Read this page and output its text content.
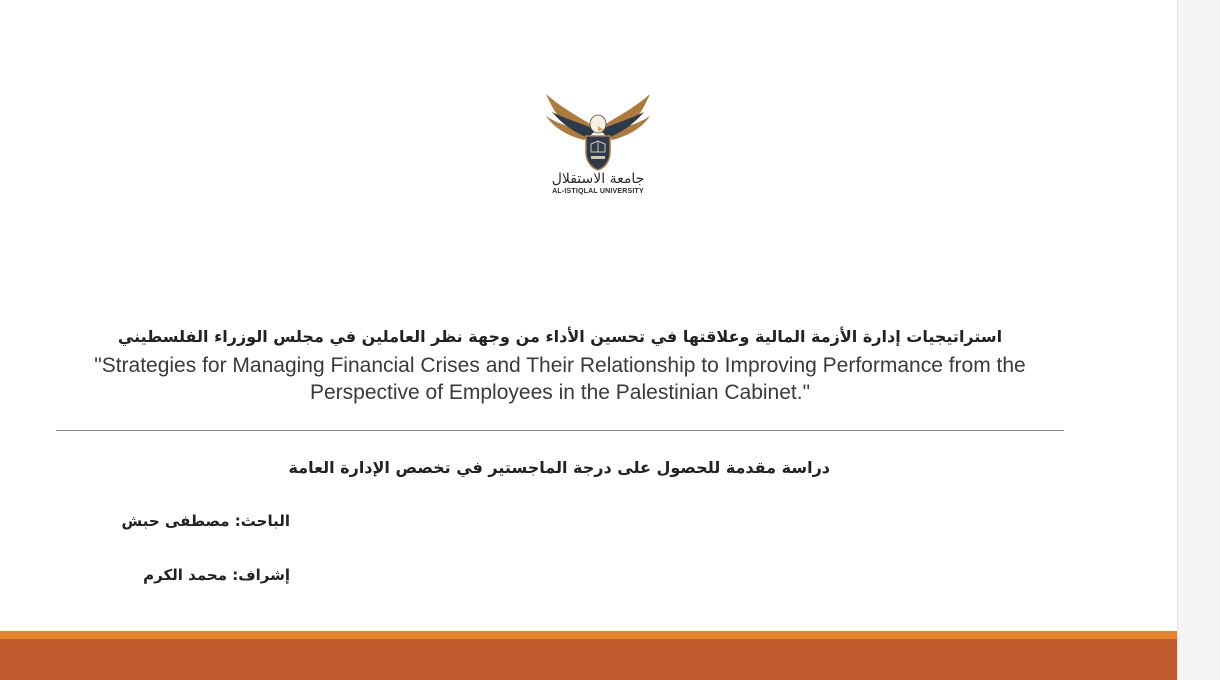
جامعة الاستقلال
AL-ISTIQLAL UNIVERSITY
استراتيجيات إدارة الأزمة المالية وعلاقتها في تحسين الأداء من وجهة نظر العاملين في مجلس الوزراء الفلسطيني
"Strategies for Managing Financial Crises and Their Relationship to Improving Performance from the Perspective of Employees in the Palestinian Cabinet."
دراسة مقدمة للحصول على درجة الماجستير في تخصص الإدارة العامة
الباحث: مصطفى حبش
إشراف: محمد الكرم
